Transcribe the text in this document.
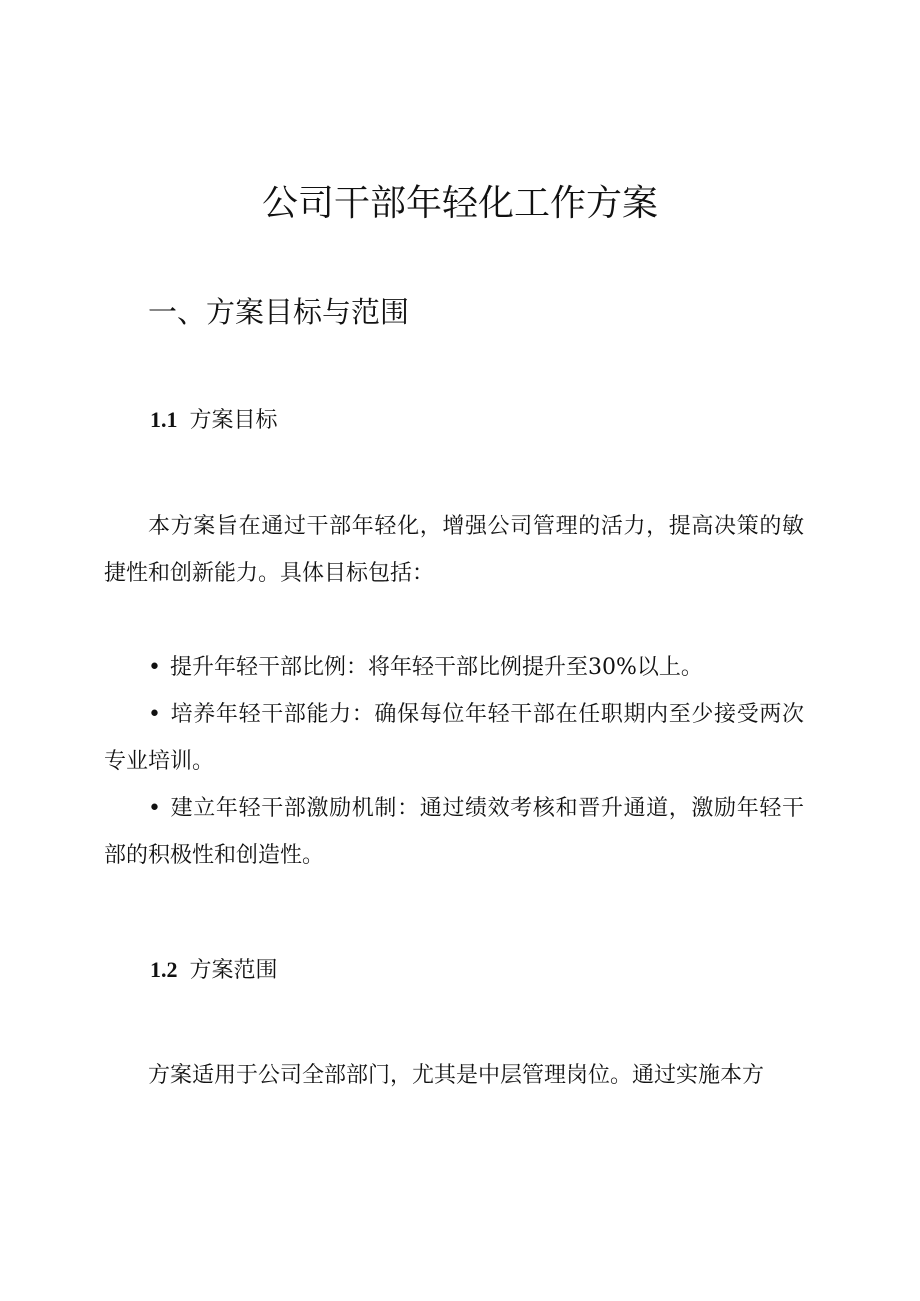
公司干部年轻化工作方案
一、方案目标与范围
1.1 方案目标
本方案旨在通过干部年轻化，增强公司管理的活力，提高决策的敏捷性和创新能力。具体目标包括：
• 提升年轻干部比例：将年轻干部比例提升至30%以上。
• 培养年轻干部能力：确保每位年轻干部在任职期内至少接受两次专业培训。
• 建立年轻干部激励机制：通过绩效考核和晋升通道，激励年轻干部的积极性和创造性。
1.2 方案范围
方案适用于公司全部部门，尤其是中层管理岗位。通过实施本方
